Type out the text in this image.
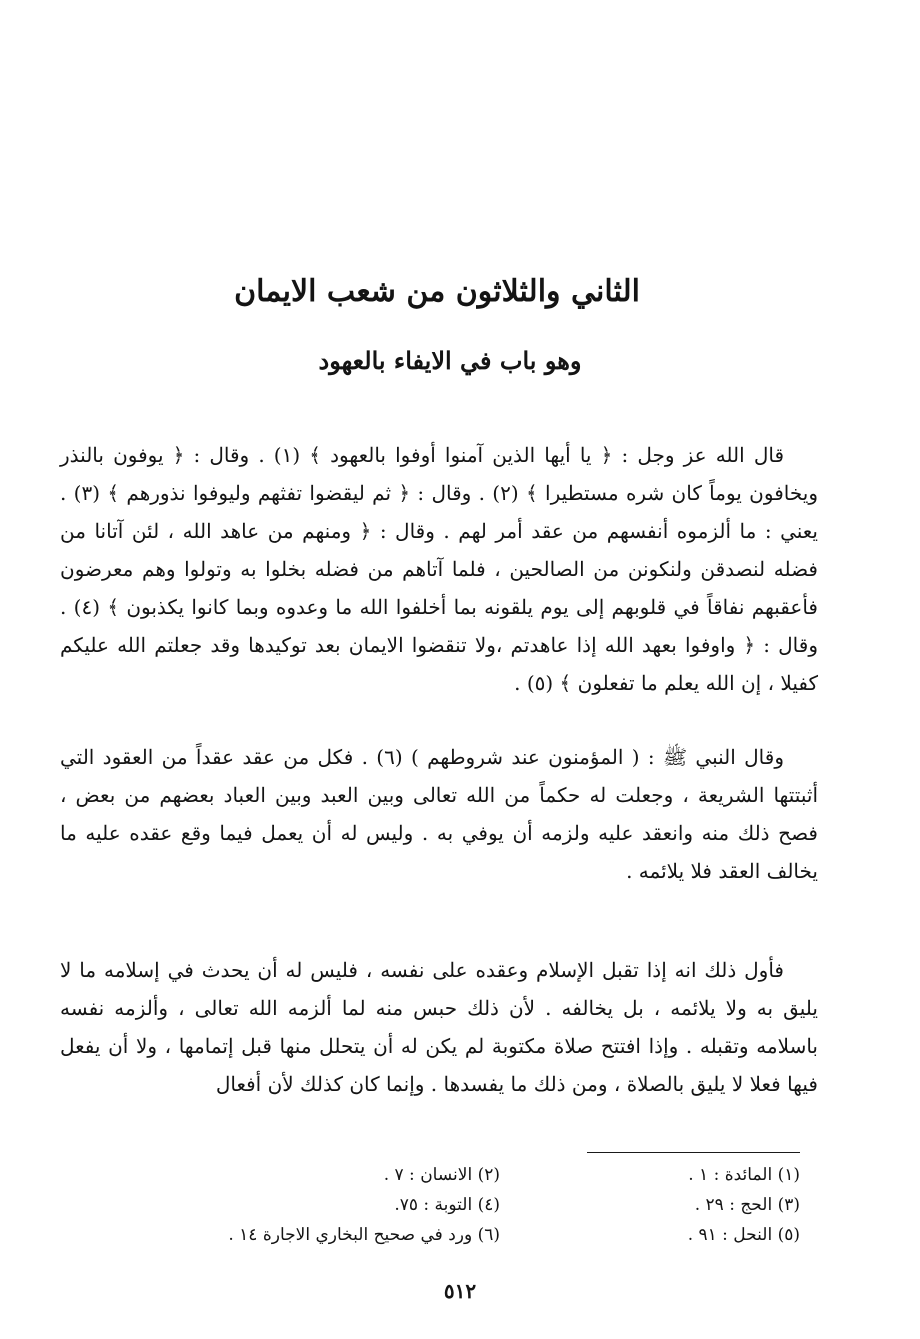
الثاني والثلاثون من شعب الايمان
وهو باب في الايفاء بالعهود

قال الله عز وجل : ﴿ يا أيها الذين آمنوا أوفوا بالعهود ﴾ (١) . وقال : ﴿ يوفون بالنذر ويخافون يوماً كان شره مستطيرا ﴾ (٢) . وقال : ﴿ ثم ليقضوا تفثهم وليوفوا نذورهم ﴾ (٣) . يعني : ما ألزموه أنفسهم من عقد أمر لهم . وقال : ﴿ ومنهم من عاهد الله ، لئن آتانا من فضله لنصدقن ولنكونن من الصالحين ، فلما آتاهم من فضله بخلوا به وتولوا وهم معرضون فأعقبهم نفاقاً في قلوبهم إلى يوم يلقونه بما أخلفوا الله ما وعدوه وبما كانوا يكذبون ﴾ (٤) . وقال : ﴿ واوفوا بعهد الله إذا عاهدتم ،ولا تنقضوا الايمان بعد توكيدها وقد جعلتم الله عليكم كفيلا ، إن الله يعلم ما تفعلون ﴾ (٥) .

وقال النبي ﷺ : ( المؤمنون عند شروطهم ) (٦) . فكل من عقد عقداً من العقود التي أثبتتها الشريعة ، وجعلت له حكماً من الله تعالى وبين العبد وبين العباد بعضهم من بعض ، فصح ذلك منه وانعقد عليه ولزمه أن يوفي به . وليس له أن يعمل فيما وقع عقده عليه ما يخالف العقد فلا يلائمه .

فأول ذلك انه إذا تقبل الإسلام وعقده على نفسه ، فليس له أن يحدث في إسلامه ما لا يليق به ولا يلائمه ، بل يخالفه . لأن ذلك حبس منه لما ألزمه الله تعالى ، وألزمه نفسه باسلامه وتقبله . وإذا افتتح صلاة مكتوبة لم يكن له أن يتحلل منها قبل إتمامها ، ولا أن يفعل فيها فعلا لا يليق بالصلاة ، ومن ذلك ما يفسدها . وإنما كان كذلك لأن أفعال

(١) المائدة : ١ .
(٣) الحج : ٢٩ .
(٥) النحل : ٩١ .
(٢) الانسان : ٧ .
(٤) التوبة : ٧٥.
(٦) ورد في صحيح البخاري الاجارة ١٤ .
٥١٢
